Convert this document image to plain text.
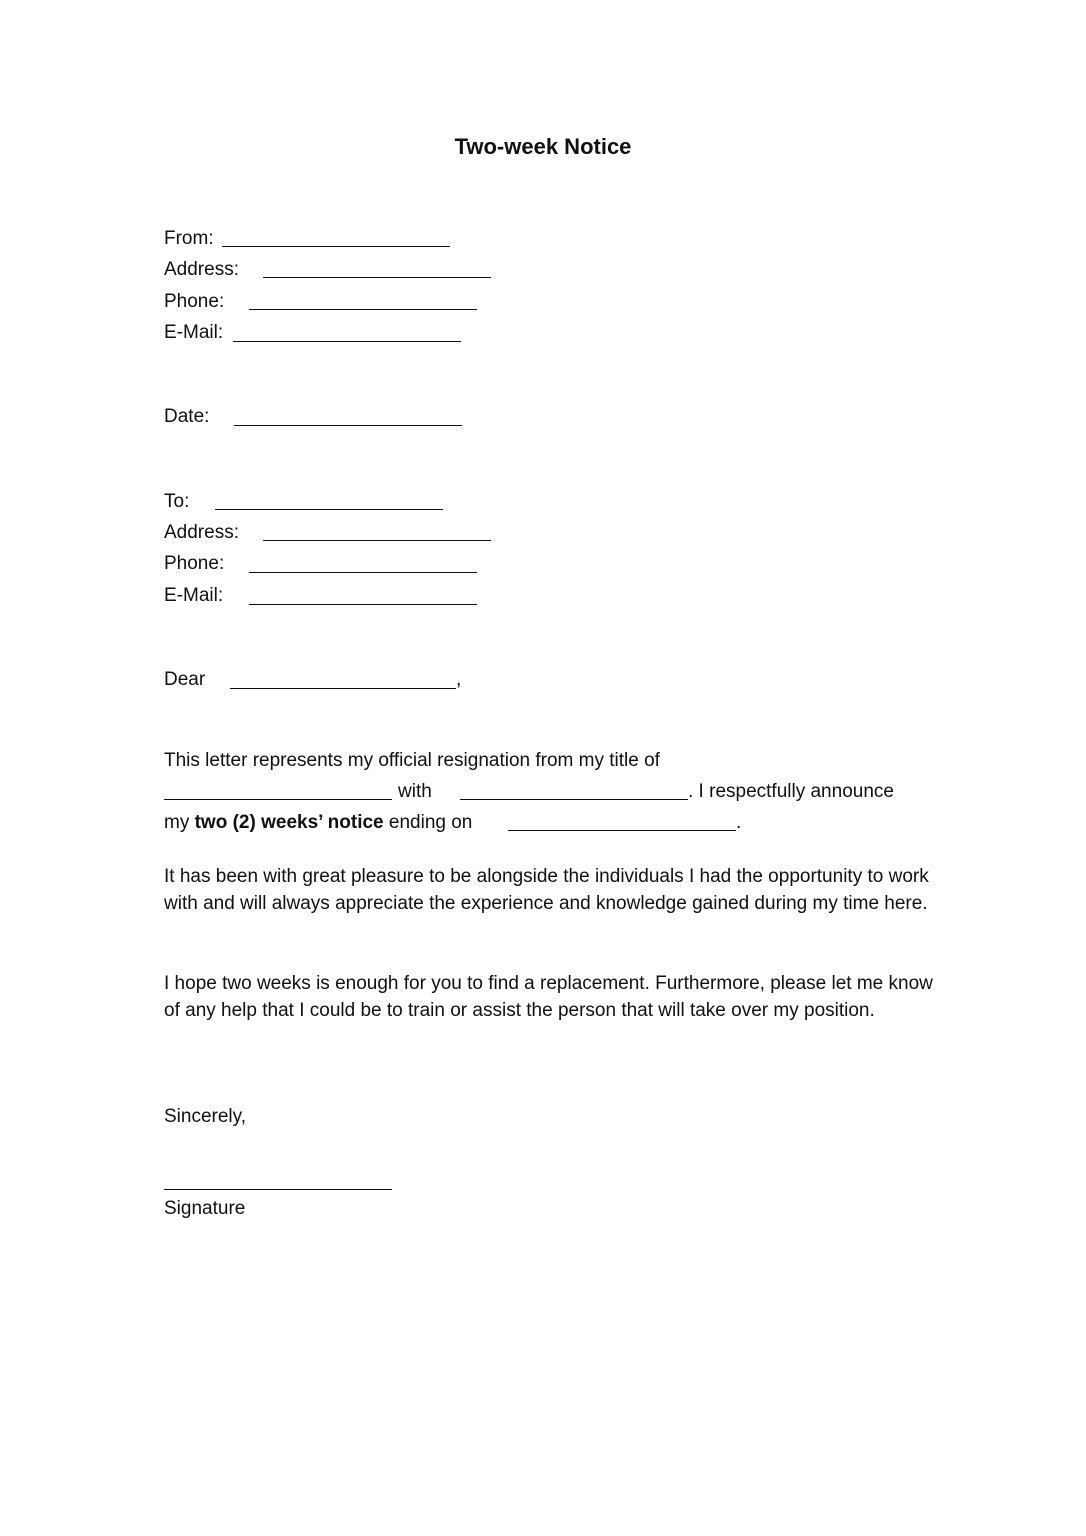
Two-week Notice
From:
Address:
Phone:
E-Mail:
Date:
To:
Address:
Phone:
E-Mail:
Dear	,
This letter represents my official resignation from my title of
with	. I respectfully announce
my two (2) weeks’ notice ending on	.
It has been with great pleasure to be alongside the individuals I had the opportunity to work with and will always appreciate the experience and knowledge gained during my time here.
I hope two weeks is enough for you to find a replacement. Furthermore, please let me know of any help that I could be to train or assist the person that will take over my position.
Sincerely,
Signature
